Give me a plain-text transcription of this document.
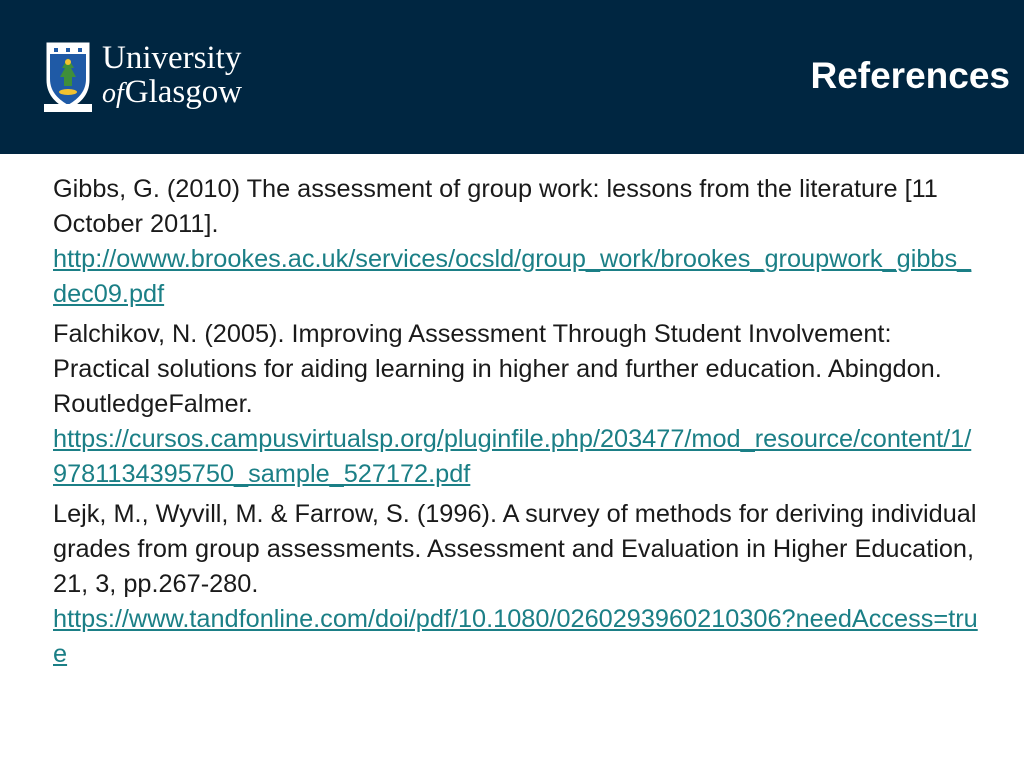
University
ofGlasgow	References
Gibbs, G. (2010) The assessment of group work: lessons from the literature [11 October 2011].
http://owww.brookes.ac.uk/services/ocsld/group_work/brookes_groupwork_gibbs_dec09.pdf
Falchikov, N. (2005). Improving Assessment Through Student Involvement: Practical solutions for aiding learning in higher and further education. Abingdon. RoutledgeFalmer.
https://cursos.campusvirtualsp.org/pluginfile.php/203477/mod_resource/content/1/9781134395750_sample_527172.pdf
Lejk, M., Wyvill, M. & Farrow, S. (1996). A survey of methods for deriving individual grades from group assessments. Assessment and Evaluation in Higher Education, 21, 3, pp.267-280.
https://www.tandfonline.com/doi/pdf/10.1080/0260293960210306?needAccess=true
